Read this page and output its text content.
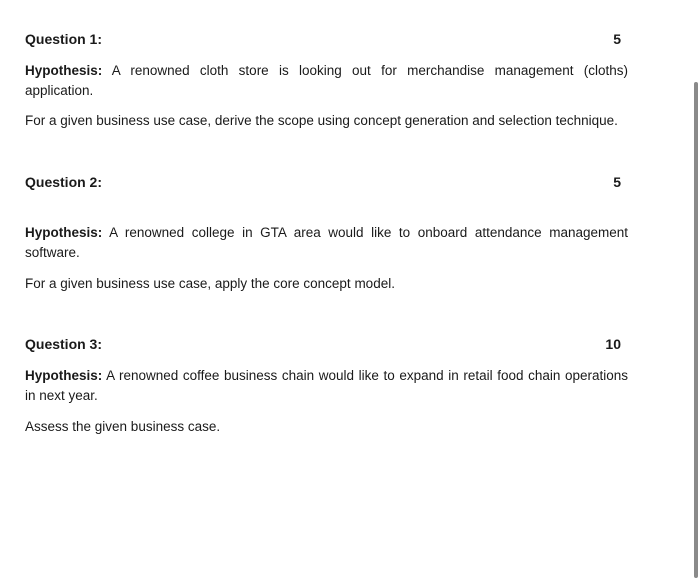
Question 1:	5
Hypothesis: A renowned cloth store is looking out for merchandise management (cloths) application.
For a given business use case, derive the scope using concept generation and selection technique.
Question 2:	5
Hypothesis: A renowned college in GTA area would like to onboard attendance management software.
For a given business use case, apply the core concept model.
Question 3:	10
Hypothesis: A renowned coffee business chain would like to expand in retail food chain operations in next year.
Assess the given business case.
